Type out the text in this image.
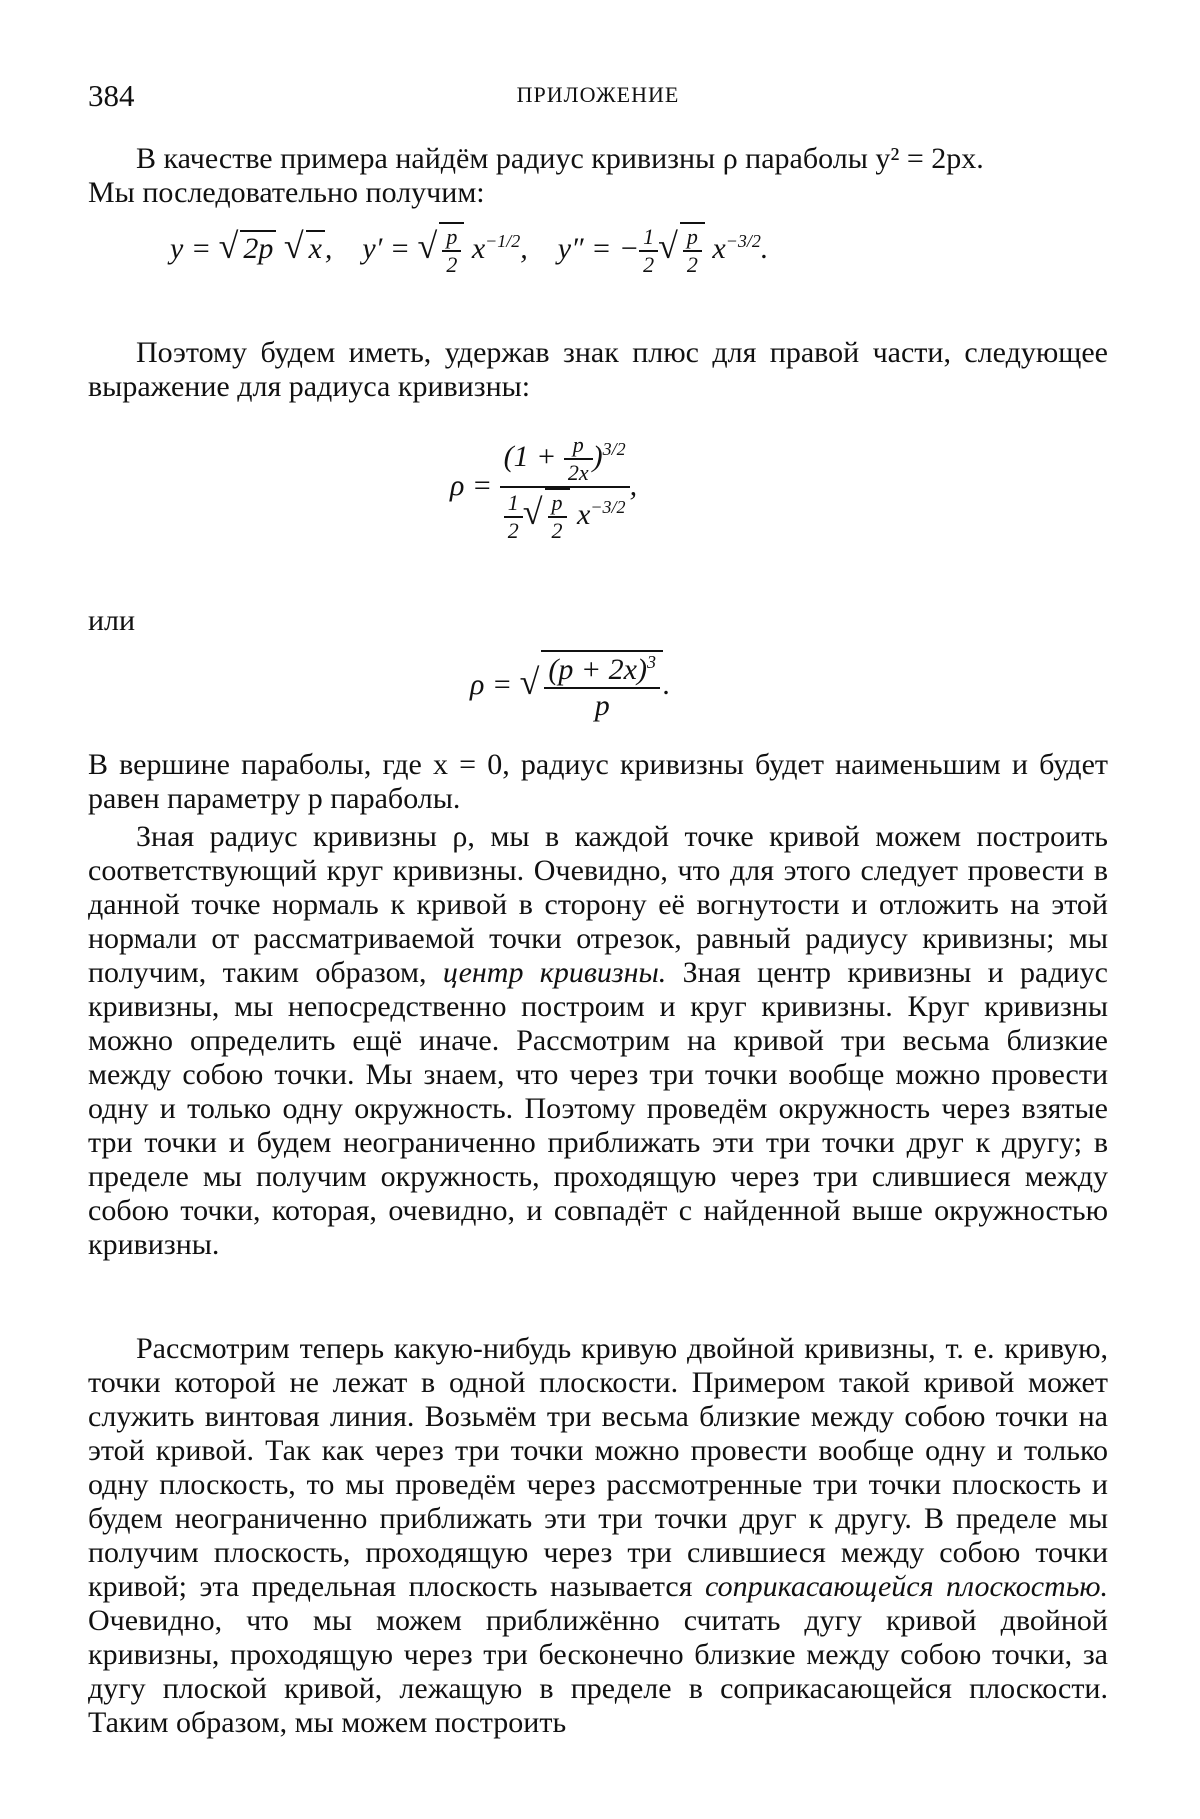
384	ПРИЛОЖЕНИЕ
В качестве примера найдём радиус кривизны ρ параболы y² = 2px.
Мы последовательно получим:
y = √ 2p √ x ,    y′ = √ $\frac{p}{2} x^{-1/2}$,    y″ = − $\frac{1}{2}$ √ $\frac{p}{2} x^{-3/2}$.
Поэтому будем иметь, удержав знак плюс для правой части, следующее выражение для радиуса кривизны:
$\rho = \frac{(1 + \frac{p}{2x} )^{3/2}}{\frac{1}{2} √ \frac{p}{2} x^{-3/2}}$ ,
или
ρ = √ $\frac{(p + 2x)^3}{p}$ .
В вершине параболы, где x = 0, радиус кривизны будет наименьшим и будет равен параметру p параболы.
Зная радиус кривизны ρ, мы в каждой точке кривой можем построить соответствующий круг кривизны. Очевидно, что для этого следует провести в данной точке нормаль к кривой в сторону её вогнутости и отложить на этой нормали от рассматриваемой точки отрезок, равный радиусу кривизны; мы получим, таким образом, центр кривизны. Зная центр кривизны и радиус кривизны, мы непосредственно построим и круг кривизны. Круг кривизны можно определить ещё иначе. Рассмотрим на кривой три весьма близкие между собою точки. Мы знаем, что через три точки вообще можно провести одну и только одну окружность. Поэтому проведём окружность через взятые три точки и будем неограниченно приближать эти три точки друг к другу; в пределе мы получим окружность, проходящую через три слившиеся между собою точки, которая, очевидно, и совпадёт с найденной выше окружностью кривизны.
Рассмотрим теперь какую-нибудь кривую двойной кривизны, т. е. кривую, точки которой не лежат в одной плоскости. Примером такой кривой может служить винтовая линия. Возьмём три весьма близкие между собою точки на этой кривой. Так как через три точки можно провести вообще одну и только одну плоскость, то мы проведём через рассмотренные три точки плоскость и будем неограниченно приближать эти три точки друг к другу. В пределе мы получим плоскость, проходящую через три слившиеся между собою точки кривой; эта предельная плоскость называется соприкасающейся плоскостью. Очевидно, что мы можем приближённо считать дугу кривой двойной кривизны, проходящую через три бесконечно близкие между собою точки, за дугу плоской кривой, лежащую в пределе в соприкасающейся плоскости. Таким образом, мы можем построить
